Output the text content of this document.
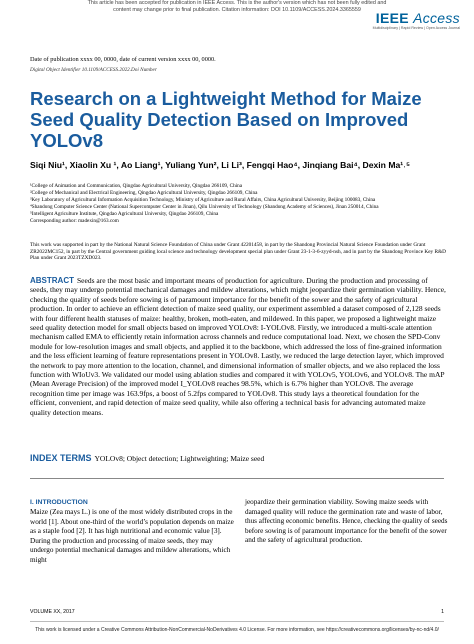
This article has been accepted for publication in IEEE Access. This is the author's version which has not been fully edited and
content may change prior to final publication. Citation information: DOI 10.1109/ACCESS.2024.3365559	IEEE Access
Multidisciplinary | Rapid Review | Open Access Journal
Date of publication xxxx 00, 0000, date of current version xxxx 00, 0000.
Digital Object Identifier 10.1109/ACCESS.2022.Doi Number
Research on a Lightweight Method for Maize Seed Quality Detection Based on Improved YOLOv8
Siqi Niu¹, Xiaolin Xu ¹, Ao Liang¹, Yuliang Yun², Li Li³, Fengqi Hao⁴, Jinqiang Bai⁴, Dexin Ma¹˒⁵
¹College of Animation and Communication, Qingdao Agricultural University, Qingdao 266109, China
²College of Mechanical and Electrical Engineering, Qingdao Agricultural University, Qingdao 266109, China
³Key Laboratory of Agricultural Information Acquisition Technology, Ministry of Agriculture and Rural Affairs, China Agricultural University, Beijing 100083, China
⁴Shandong Computer Science Center (National Supercomputer Center in Jinan), Qilu University of Technology (Shandong Academy of Sciences), Jinan 250014, China
⁵Intelligent Agriculture Institute, Qingdao Agricultural University, Qingdao 266109, China
Corresponding author: madexin@163.com
This work was supported in part by the National Natural Science Foundation of China under Grant 42201458, in part by the Shandong Provincial Natural Science Foundation under Grant ZR2022MC152, in part by the Central government guiding local science and technology development special plan under Grant 23-1-3-6-zyyd-nsh, and in part by the Shandong Province Key R&D Plan under Grant 2023TZXD023.
ABSTRACT Seeds are the most basic and important means of production for agriculture. During the production and processing of seeds, they may undergo potential mechanical damages and mildew alterations, which might jeopardize their germination viability. Hence, checking the quality of seeds before sowing is of paramount importance for the benefit of the sower and the safety of agricultural production. In order to achieve an efficient detection of maize seed quality, our experiment assembled a dataset composed of 2,128 seeds with four different health statuses of maize: healthy, broken, moth-eaten, and mildewed. In this paper, we proposed a lightweight maize seed quality detection model for small objects based on improved YOLOv8: I-YOLOv8. Firstly, we introduced a multi-scale attention mechanism called EMA to efficiently retain information across channels and reduce computational load. Next, we chosen the SPD-Conv module for low-resolution images and small objects, and applied it to the backbone, which addressed the loss of fine-grained information and the less efficient learning of feature representations present in YOLOv8. Lastly, we reduced the large detection layer, which improved the network to pay more attention to the location, channel, and dimensional information of smaller objects, and we also replaced the loss function with WIoUv3. We validated our model using ablation studies and compared it with YOLOv5, YOLOv6, and YOLOv8. The mAP (Mean Average Precision) of the improved model I_YOLOv8 reaches 98.5%, which is 6.7% higher than YOLOv8. The average recognition time per image was 163.9fps, a boost of 5.2fps compared to YOLOv8. This study lays a theoretical foundation for the efficient, convenient, and rapid detection of maize seed quality, while also offering a technical basis for advancing automated maize quality detection means.
INDEX TERMS YOLOv8; Object detection; Lightweighting; Maize seed
I. INTRODUCTION
Maize (Zea mays L.) is one of the most widely distributed crops in the world [1]. About one-third of the world’s population depends on maize as a staple food [2]. It has high nutritional and economic value [3]. During the production and processing of maize seeds, they may undergo potential mechanical damages and mildew alterations, which might
jeopardize their germination viability. Sowing maize seeds with damaged quality will reduce the germination rate and waste of labor, thus affecting economic benefits. Hence, checking the quality of seeds before sowing is of paramount importance for the benefit of the sower and the safety of agricultural production.
VOLUME XX, 2017	1
This work is licensed under a Creative Commons Attribution-NonCommercial-NoDerivatives 4.0 License. For more information, see https://creativecommons.org/licenses/by-nc-nd/4.0/
